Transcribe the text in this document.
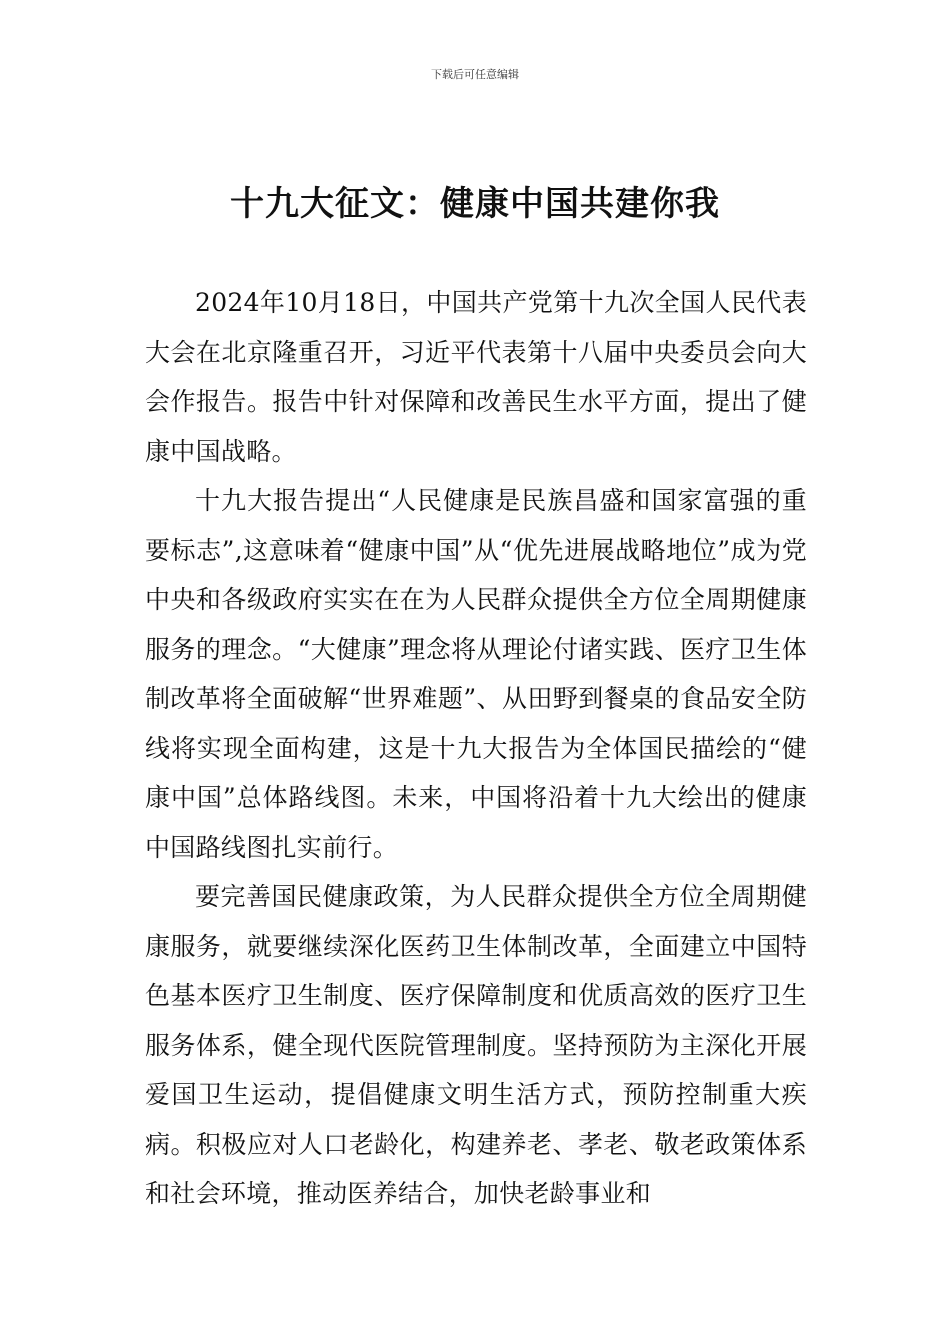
下载后可任意编辑
十九大征文：健康中国共建你我

2024年10月18日，中国共产党第十九次全国人民代表大会在北京隆重召开，习近平代表第十八届中央委员会向大会作报告。报告中针对保障和改善民生水平方面，提出了健康中国战略。

十九大报告提出“人民健康是民族昌盛和国家富强的重要标志”,这意味着“健康中国”从“优先进展战略地位”成为党中央和各级政府实实在在为人民群众提供全方位全周期健康服务的理念。“大健康”理念将从理论付诸实践、医疗卫生体制改革将全面破解“世界难题”、从田野到餐桌的食品安全防线将实现全面构建，这是十九大报告为全体国民描绘的“健康中国”总体路线图。未来，中国将沿着十九大绘出的健康中国路线图扎实前行。

要完善国民健康政策，为人民群众提供全方位全周期健康服务，就要继续深化医药卫生体制改革，全面建立中国特色基本医疗卫生制度、医疗保障制度和优质高效的医疗卫生服务体系，健全现代医院管理制度。坚持预防为主深化开展爱国卫生运动，提倡健康文明生活方式，预防控制重大疾病。积极应对人口老龄化，构建养老、孝老、敬老政策体系和社会环境，推动医养结合，加快老龄事业和
